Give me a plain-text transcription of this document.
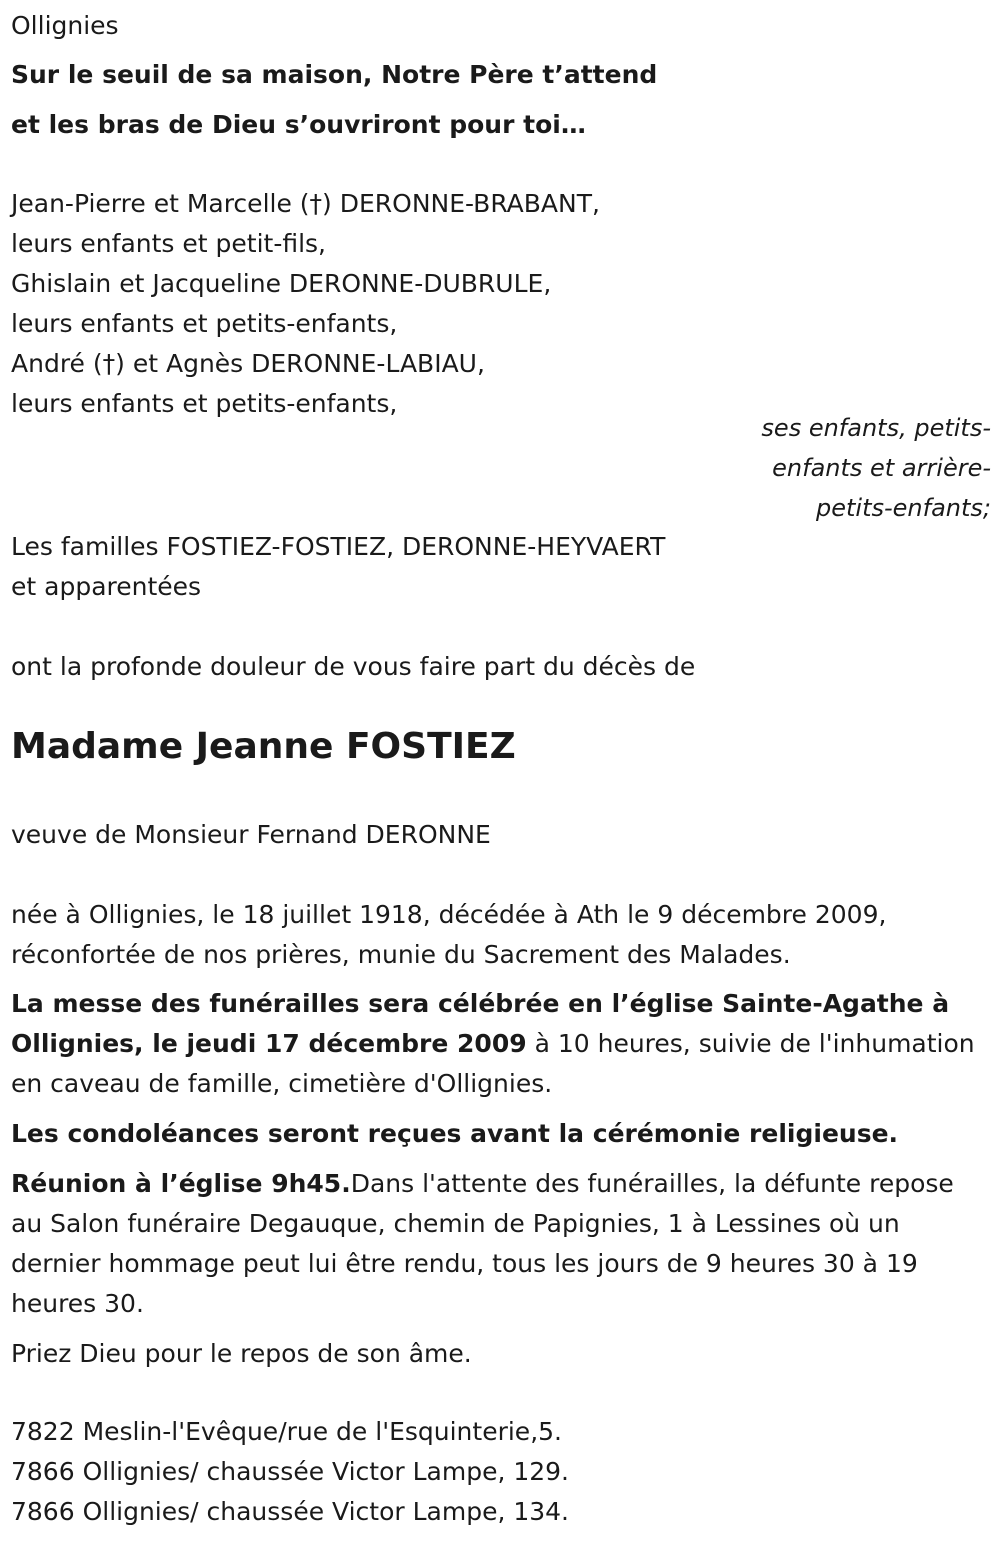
Ollignies
Sur le seuil de sa maison, Notre Père t’attend
et les bras de Dieu s’ouvriront pour toi…
Jean-Pierre et Marcelle (†) DERONNE-BRABANT,
leurs enfants et petit-fils,
Ghislain et Jacqueline DERONNE-DUBRULE,
leurs enfants et petits-enfants,
André (†) et Agnès DERONNE-LABIAU,
leurs enfants et petits-enfants,
ses enfants, petits-
enfants et arrière-
petits-enfants;
Les familles FOSTIEZ-FOSTIEZ, DERONNE-HEYVAERT
et apparentées
ont la profonde douleur de vous faire part du décès de
Madame Jeanne FOSTIEZ
veuve de Monsieur Fernand DERONNE
née à Ollignies, le 18 juillet 1918, décédée à Ath le 9 décembre 2009,
réconfortée de nos prières, munie du Sacrement des Malades.
La messe des funérailles sera célébrée en l’église Sainte-Agathe à
Ollignies, le jeudi 17 décembre 2009 à 10 heures, suivie de l'inhumation
en caveau de famille, cimetière d'Ollignies.
Les condoléances seront reçues avant la cérémonie religieuse.
Réunion à l’église 9h45.Dans l'attente des funérailles, la défunte repose
au Salon funéraire Degauque, chemin de Papignies, 1 à Lessines où un
dernier hommage peut lui être rendu, tous les jours de 9 heures 30 à 19
heures 30.
Priez Dieu pour le repos de son âme.
7822 Meslin-l'Evêque/rue de l'Esquinterie,5.
7866 Ollignies/ chaussée Victor Lampe, 129.
7866 Ollignies/ chaussée Victor Lampe, 134.
